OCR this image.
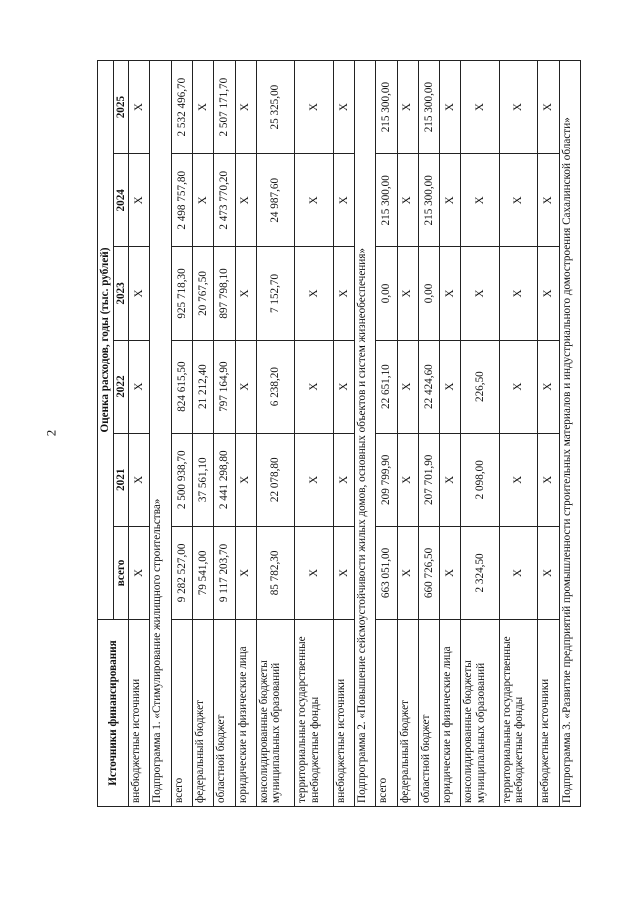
2
Источники финансирования	Оценка расходов, годы (тыс. рублей)					
	всего	2021	2022	2023	2024	2025
внебюджетные источники	X	X	X	X	X	X
Подпрограмма 1. «Стимулирование жилищного строительства»						
всего	9 282 527,00	2 500 938,70	824 615,50	925 718,30	2 498 757,80	2 532 496,70
федеральный бюджет	79 541,00	37 561,10	21 212,40	20 767,50	X	X
областной бюджет	9 117 203,70	2 441 298,80	797 164,90	897 798,10	2 473 770,20	2 507 171,70
юридические и физические лица	X	X	X	X	X	X
консолидированные бюджеты муниципальных образований	85 782,30	22 078,80	6 238,20	7 152,70	24 987,60	25 325,00
территориальные государственные внебюджетные фонды	X	X	X	X	X	X
внебюджетные источники	X	X	X	X	X	X
Подпрограмма 2. «Повышение сейсмоустойчивости жилых домов, основных объектов и систем жизнеобеспечения»						
всего	663 051,00	209 799,90	22 651,10	0,00	215 300,00	215 300,00
федеральный бюджет	X	X	X	X	X	X
областной бюджет	660 726,50	207 701,90	22 424,60	0,00	215 300,00	215 300,00
юридические и физические лица	X	X	X	X	X	X
консолидированные бюджеты муниципальных образований	2 324,50	2 098,00	226,50	X	X	X
территориальные государственные внебюджетные фонды	X	X	X	X	X	X
внебюджетные источники	X	X	X	X	X	X
Подпрограмма 3. «Развитие предприятий промышленности строительных материалов и индустриального домостроения Сахалинской области»						
